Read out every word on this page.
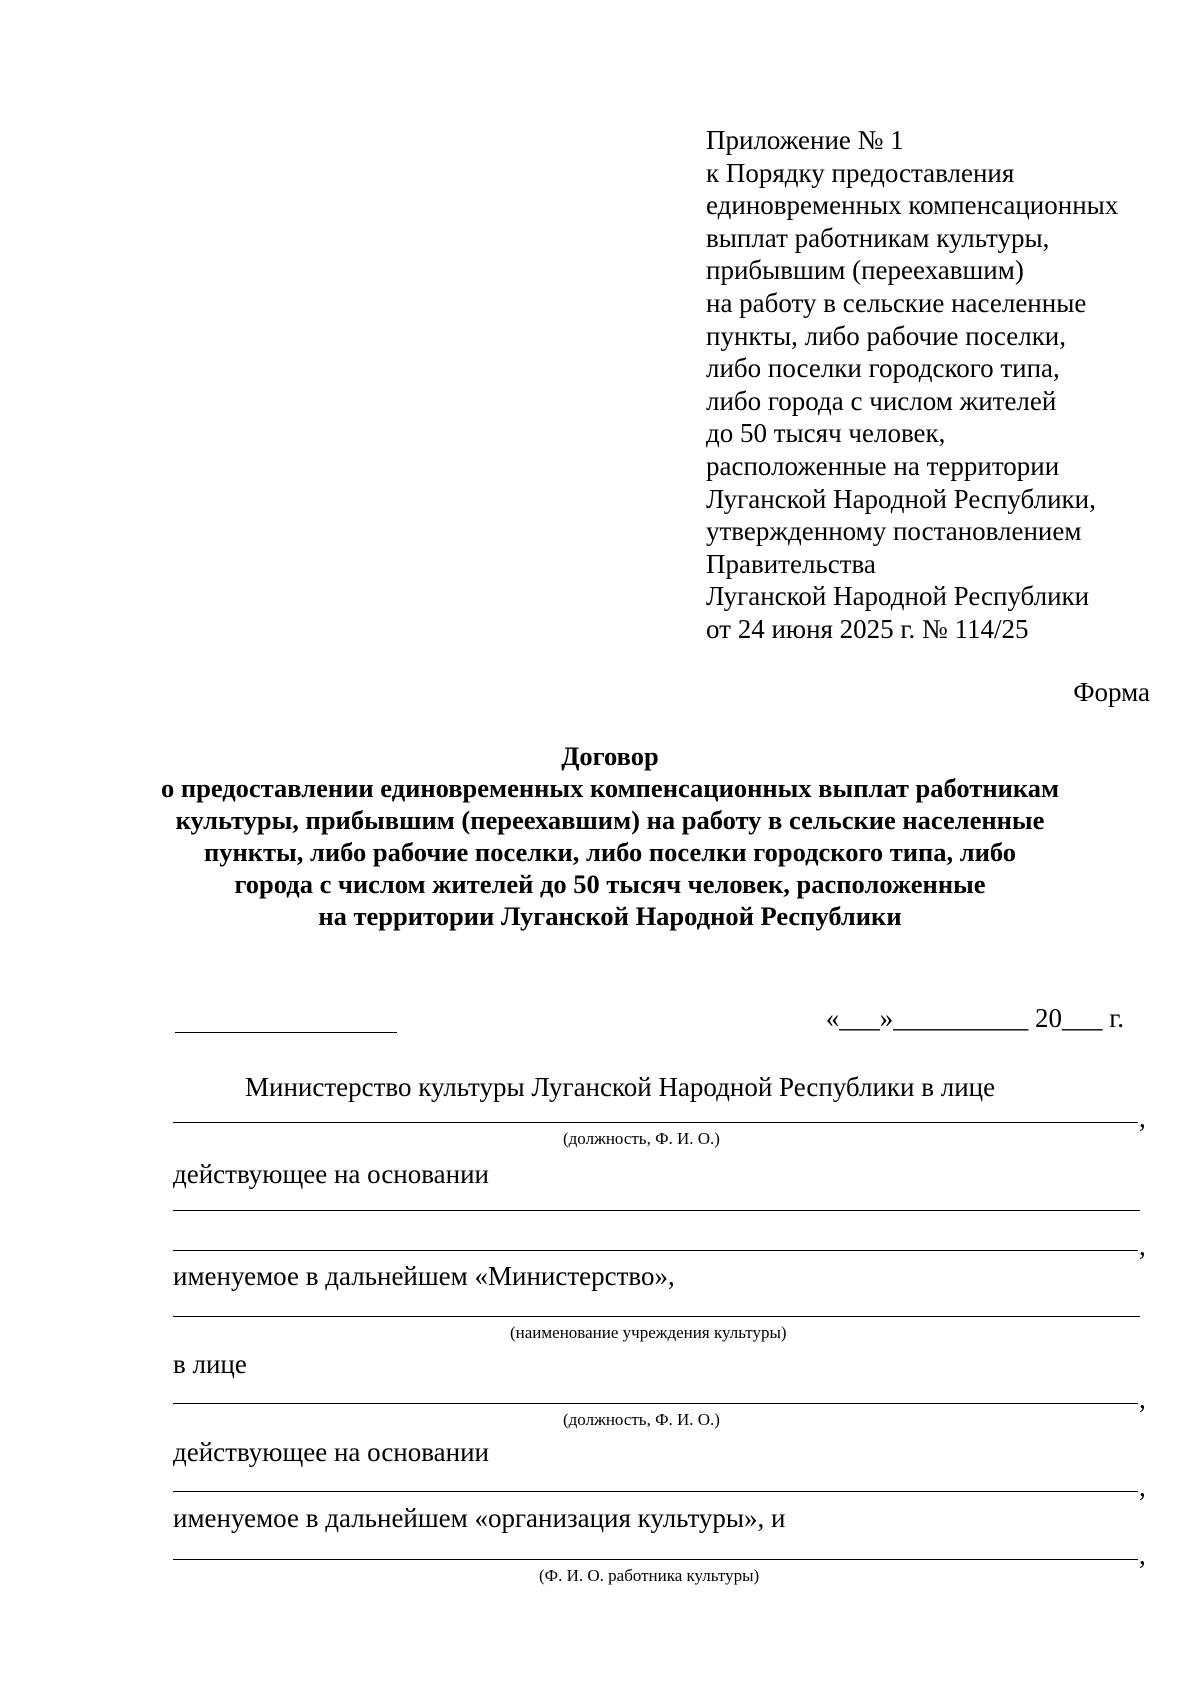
Приложение № 1
к Порядку предоставления
единовременных компенсационных
выплат работникам культуры,
прибывшим (переехавшим)
на работу в сельские населенные
пункты, либо рабочие поселки,
либо поселки городского типа,
либо города с числом жителей
до 50 тысяч человек,
расположенные на территории
Луганской Народной Республики,
утвержденному постановлением
Правительства
Луганской Народной Республики
от 24 июня 2025 г. № 114/25
Форма
Договор
о предоставлении единовременных компенсационных выплат работникам
культуры, прибывшим (переехавшим) на работу в сельские населенные
пункты, либо рабочие поселки, либо поселки городского типа, либо
города с числом жителей до 50 тысяч человек, расположенные
на территории Луганской Народной Республики
«___»__________ 20___ г.
Министерство культуры Луганской Народной Республики в лице
,
(должность, Ф. И. О.)
действующее на основании
,
именуемое в дальнейшем «Министерство»,
(наименование учреждения культуры)
в лице
,
(должность, Ф. И. О.)
действующее на основании
,
именуемое в дальнейшем «организация культуры», и
,
(Ф. И. О. работника культуры)
